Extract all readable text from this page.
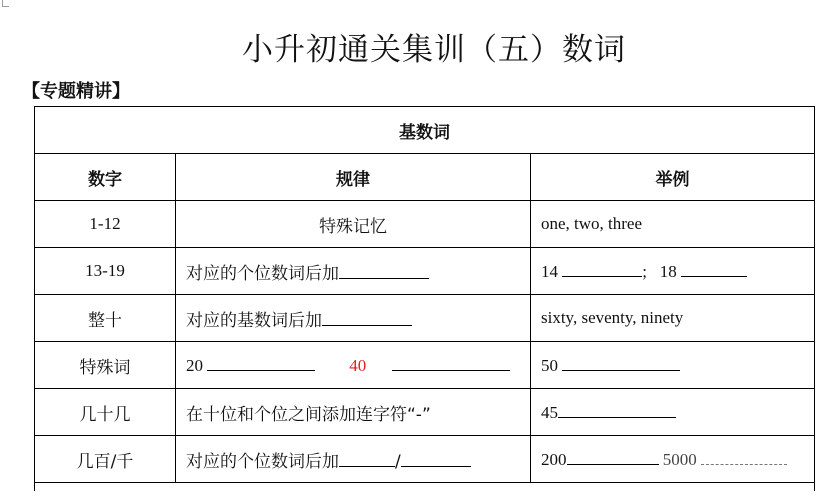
小升初通关集训（五）数词
【专题精讲】
基数词		
数字	规律	举例
1-12	特殊记忆	one, two, three
13-19	对应的个位数词后加	14 ; 18
整十	对应的基数词后加	sixty, seventy, ninety
特殊词	20 40	50
几十几	在十位和个位之间添加连字符“-”	45
几百/千	对应的个位数词后加 /	200 5000
